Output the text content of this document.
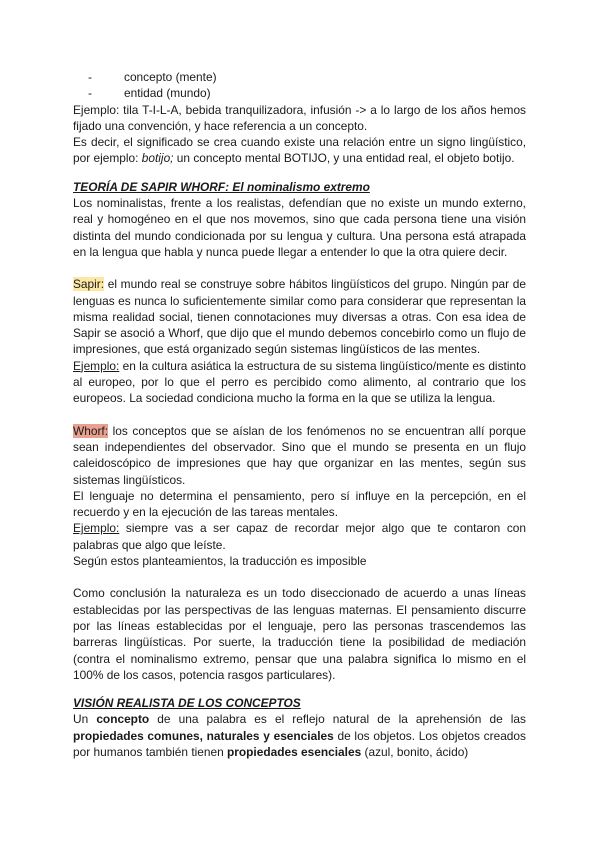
-	concepto (mente)
-	entidad (mundo)

Ejemplo: tila T-I-L-A, bebida tranquilizadora, infusión -> a lo largo de los años hemos fijado una convención, y hace referencia a un concepto.

Es decir, el significado se crea cuando existe una relación entre un signo lingüístico, por ejemplo: botijo; un concepto mental BOTIJO, y una entidad real, el objeto botijo.

TEORÍA DE SAPIR WHORF: El nominalismo extremo

Los nominalistas, frente a los realistas, defendían que no existe un mundo externo, real y homogéneo en el que nos movemos, sino que cada persona tiene una visión distinta del mundo condicionada por su lengua y cultura. Una persona está atrapada en la lengua que habla y nunca puede llegar a entender lo que la otra quiere decir.

Sapir: el mundo real se construye sobre hábitos lingüísticos del grupo. Ningún par de lenguas es nunca lo suficientemente similar como para considerar que representan la misma realidad social, tienen connotaciones muy diversas a otras. Con esa idea de Sapir se asoció a Whorf, que dijo que el mundo debemos concebirlo como un flujo de impresiones, que está organizado según sistemas lingüísticos de las mentes.

Ejemplo: en la cultura asiática la estructura de su sistema lingüístico/mente es distinto al europeo, por lo que el perro es percibido como alimento, al contrario que los europeos. La sociedad condiciona mucho la forma en la que se utiliza la lengua.

Whorf: los conceptos que se aíslan de los fenómenos no se encuentran allí porque sean independientes del observador. Sino que el mundo se presenta en un flujo caleidoscópico de impresiones que hay que organizar en las mentes, según sus sistemas lingüísticos.

El lenguaje no determina el pensamiento, pero sí influye en la percepción, en el recuerdo y en la ejecución de las tareas mentales.

Ejemplo: siempre vas a ser capaz de recordar mejor algo que te contaron con palabras que algo que leíste.

Según estos planteamientos, la traducción es imposible

Como conclusión la naturaleza es un todo diseccionado de acuerdo a unas líneas establecidas por las perspectivas de las lenguas maternas. El pensamiento discurre por las líneas establecidas por el lenguaje, pero las personas trascendemos las barreras lingüísticas. Por suerte, la traducción tiene la posibilidad de mediación (contra el nominalismo extremo, pensar que una palabra significa lo mismo en el 100% de los casos, potencia rasgos particulares).

VISIÓN REALISTA DE LOS CONCEPTOS

Un concepto de una palabra es el reflejo natural de la aprehensión de las propiedades comunes, naturales y esenciales de los objetos. Los objetos creados por humanos también tienen propiedades esenciales (azul, bonito, ácido)
